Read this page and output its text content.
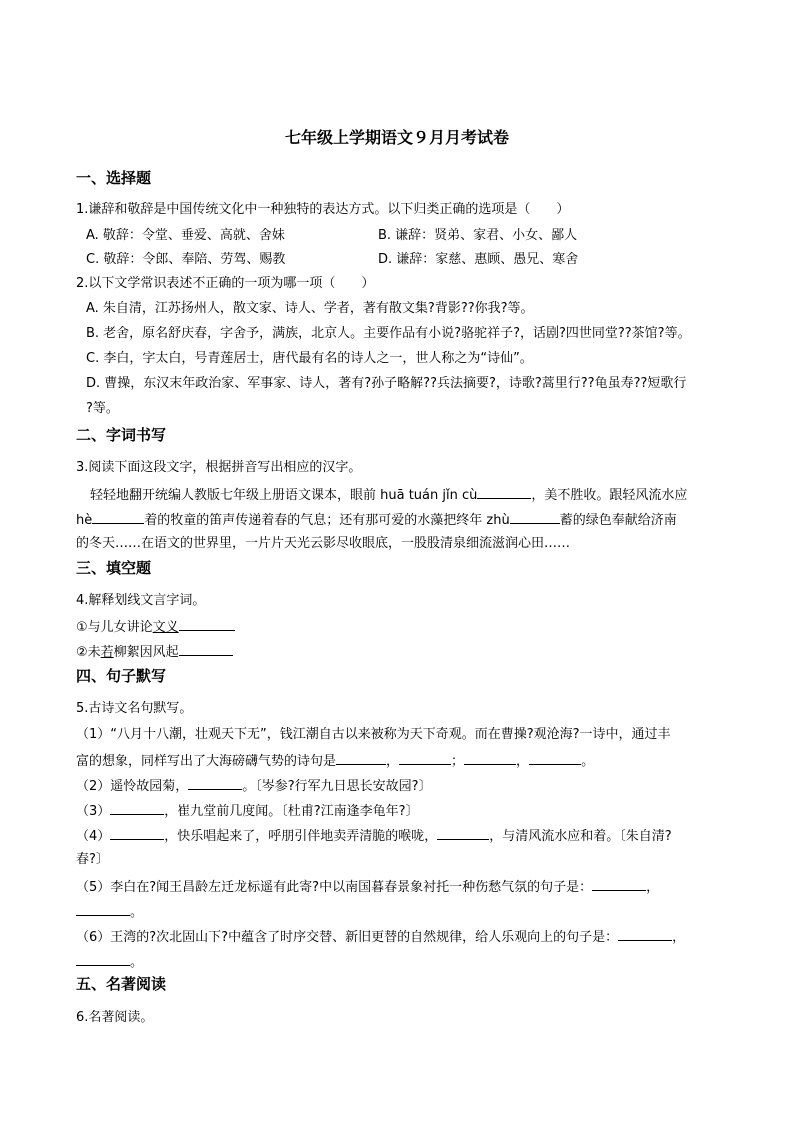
七年级上学期语文９月月考试卷
一、选择题
1.谦辞和敬辞是中国传统文化中一种独特的表达方式。以下归类正确的选项是（　　）
A. 敬辞：令堂、垂爱、高就、舍妹	B. 谦辞：贤弟、家君、小女、鄙人
C. 敬辞：令郎、奉陪、劳驾、赐教	D. 谦辞：家慈、惠顾、愚兄、寒舍
2.以下文学常识表述不正确的一项为哪一项（　　）
A. 朱自清，江苏扬州人，散文家、诗人、学者，著有散文集?背影??你我?等。
B. 老舍，原名舒庆春，字舍予，满族，北京人。主要作品有小说?骆驼祥子?，话剧?四世同堂??茶馆?等。
C. 李白，字太白，号青莲居士，唐代最有名的诗人之一，世人称之为“诗仙”。
D. 曹操，东汉末年政治家、军事家、诗人，著有?孙子略解??兵法摘要?，诗歌?蒿里行??龟虽寿??短歌行
?等。
二、字词书写
3.阅读下面这段文字，根据拼音写出相应的汉字。
轻轻地翻开统编人教版七年级上册语文课本，眼前 huā tuán jǐn cù	，美不胜收。跟轻风流水应
hè	着的牧童的笛声传递着春的气息；还有那可爱的水藻把终年 zhù	蓄的绿色奉献给济南
的冬天……在语文的世界里，一片片天光云影尽收眼底，一股股清泉细流滋润心田……
三、填空题
4.解释划线文言字词。
①与儿女讲论文义
②未若柳絮因风起
四、句子默写
5.古诗文名句默写。
（1）“八月十八潮，壮观天下无”，钱江潮自古以来被称为天下奇观。而在曹操?观沧海?一诗中，通过丰
富的想象，同样写出了大海磅礴气势的诗句是	，	；	，	。
（2）遥怜故园菊，	。〔岑参?行军九日思长安故园?〕
（3）	，崔九堂前几度闻。〔杜甫?江南逢李龟年?〕
（4）	，快乐唱起来了，呼朋引伴地卖弄清脆的喉咙，	，与清风流水应和着。〔朱自清?
春?〕
（5）李白在?闻王昌龄左迁龙标遥有此寄?中以南国暮春景象衬托一种伤愁气氛的句子是：	，
。
（6）王湾的?次北固山下?中蕴含了时序交替、新旧更替的自然规律，给人乐观向上的句子是：	，
。
五、名著阅读
6.名著阅读。
